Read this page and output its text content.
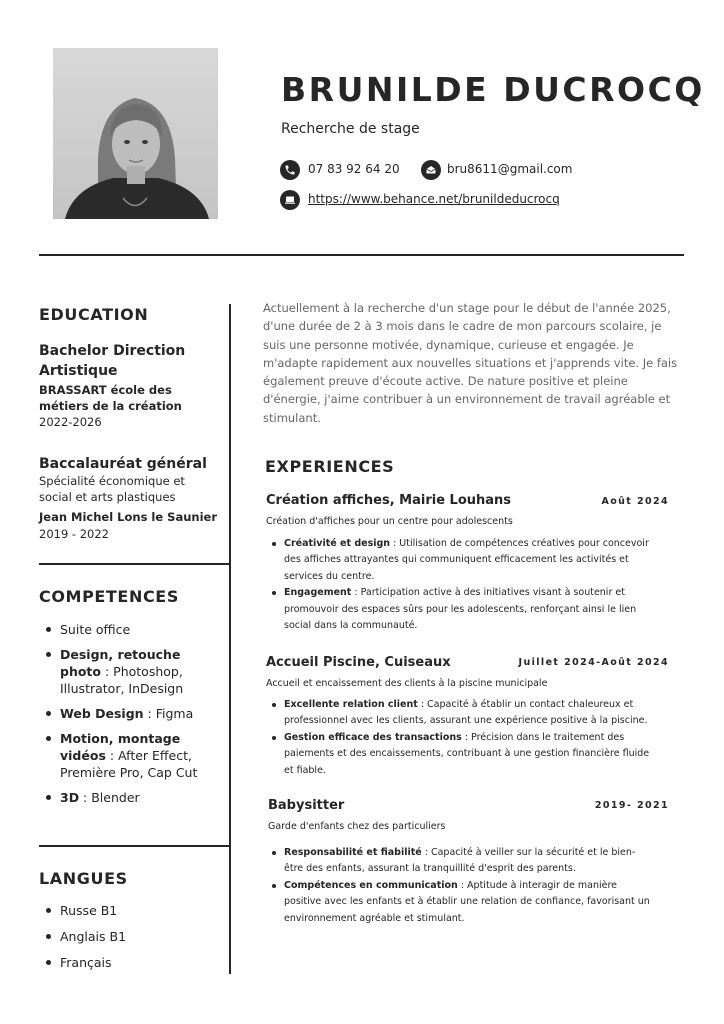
BRUNILDE DUCROCQ
Recherche de stage
07 83 92 64 20	bru8611@gmail.com
https://www.behance.net/brunildeducrocq
EDUCATION
Bachelor Direction Artistique
BRASSART école des métiers de la création
2022-2026
Baccalauréat général
Spécialité économique et social et arts plastiques
Jean Michel Lons le Saunier
2019 - 2022
COMPETENCES
Suite office
Design, retouche photo : Photoshop, Illustrator, InDesign
Web Design : Figma
Motion, montage vidéos : After Effect, Première Pro, Cap Cut
3D : Blender
LANGUES
Russe B1
Anglais B1
Français
Actuellement à la recherche d'un stage pour le début de l'année 2025, d'une durée de 2 à 3 mois dans le cadre de mon parcours scolaire, je suis une personne motivée, dynamique, curieuse et engagée. Je m'adapte rapidement aux nouvelles situations et j'apprends vite. Je fais également preuve d'écoute active. De nature positive et pleine d'énergie, j'aime contribuer à un environnement de travail agréable et stimulant.
EXPERIENCES
Création affiches, Mairie Louhans	Août 2024
Création d'affiches pour un centre pour adolescents
Créativité et design : Utilisation de compétences créatives pour concevoir des affiches attrayantes qui communiquent efficacement les activités et services du centre.
Engagement : Participation active à des initiatives visant à soutenir et promouvoir des espaces sûrs pour les adolescents, renforçant ainsi le lien social dans la communauté.
Accueil Piscine, Cuiseaux	Juillet 2024-Août 2024
Accueil et encaissement des clients à la piscine municipale
Excellente relation client : Capacité à établir un contact chaleureux et professionnel avec les clients, assurant une expérience positive à la piscine.
Gestion efficace des transactions : Précision dans le traitement des paiements et des encaissements, contribuant à une gestion financière fluide et fiable.
Babysitter	2019- 2021
Garde d'enfants chez des particuliers
Responsabilité et fiabilité : Capacité à veiller sur la sécurité et le bien-être des enfants, assurant la tranquillité d'esprit des parents.
Compétences en communication : Aptitude à interagir de manière positive avec les enfants et à établir une relation de confiance, favorisant un environnement agréable et stimulant.
